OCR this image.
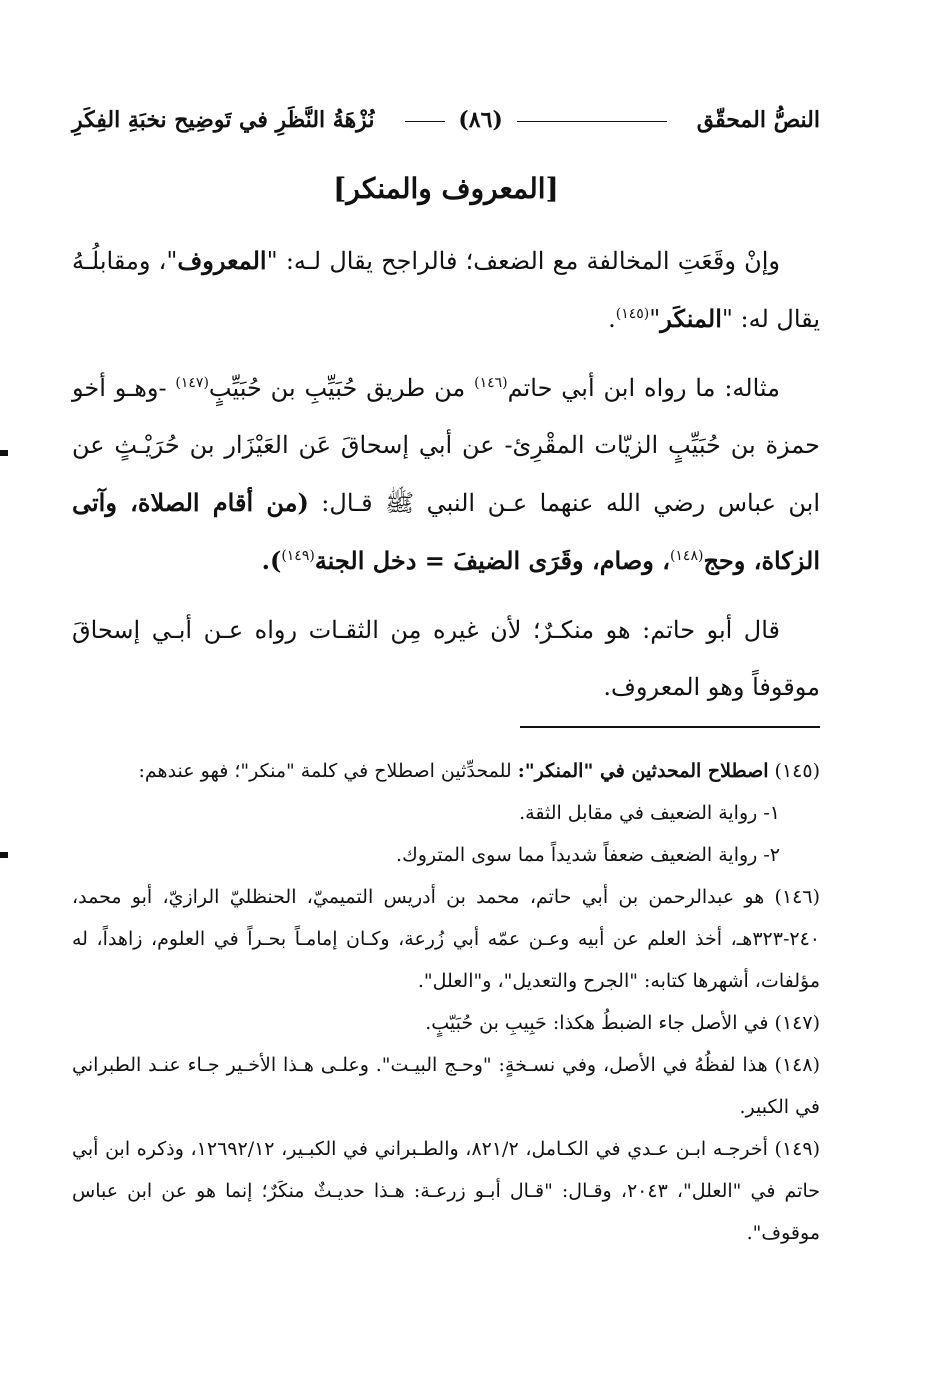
النصُّ المحقّق
(٨٦)
نُزْهَةُ النَّظَرِ في تَوضِيح نخبَةِ الفِكَرِ
[المعروف والمنكر]

وإنْ وقَعَتِ المخالفة مع الضعف؛ فالراجح يقال لـه: "المعروف"، ومقابلُـهُ يقال له: "المنكَر"$^{(١٤٥)}$.

مثاله: ما رواه ابن أبي حاتم$^{(١٤٦)}$ من طريق حُبَيِّبِ بن حُبَيِّبٍ$^{(١٤٧)}$ -وهـو أخو حمزة بن حُبَيِّبٍ الزيّات المقْرِئ- عن أبي إسحاقَ عَن العَيْزَار بن حُرَيْـثٍ عن ابن عباس رضي الله عنهما عـن النبي ﷺ قـال: (من أقام الصلاة، وآتى الزكاة، وحج$^{(١٤٨)}$، وصام، وقَرَى الضيفَ = دخل الجنة$^{(١٤٩)}$).

قال أبو حاتم: هو منكـرٌ؛ لأن غيره مِن الثقـات رواه عـن أبـي إسحاقَ موقوفاً وهو المعروف.

(١٤٥) اصطلاح المحدثين في "المنكر": للمحدِّثين اصطلاح في كلمة "منكر"؛ فهو عندهم:

١- رواية الضعيف في مقابل الثقة.

٢- رواية الضعيف ضعفاً شديداً مما سوى المتروك.

(١٤٦) هو عبدالرحمن بن أبي حاتم، محمد بن أدريس التميميّ، الحنظليّ الرازيّ، أبو محمد، ٢٤٠-٣٢٣هـ، أخذ العلم عن أبيه وعـن عمّه أبي زُرعة، وكـان إمامـاً بحـراً في العلوم، زاهداً، له مؤلفات، أشهرها كتابه: "الجرح والتعديل"، و"العلل".

(١٤٧) في الأصل جاء الضبطُ هكذا: حَبِيبِ بن حُبَيّبٍ.

(١٤٨) هذا لفظُهُ في الأصل، وفي نسـخةٍ: "وحـج البيـت". وعلـى هـذا الأخـير جـاء عنـد الطبراني في الكبير.

(١٤٩) أخرجـه ابـن عـدي في الكـامل، ٨٢١/٢، والطـبراني في الكبـير، ١٢٦٩٢/١٢، وذكره ابن أبي حاتم في "العلل"، ٢٠٤٣، وقـال: "قـال أبـو زرعـة: هـذا حديـثٌ منكَرٌ؛ إنما هو عن ابن عباس موقوف".
